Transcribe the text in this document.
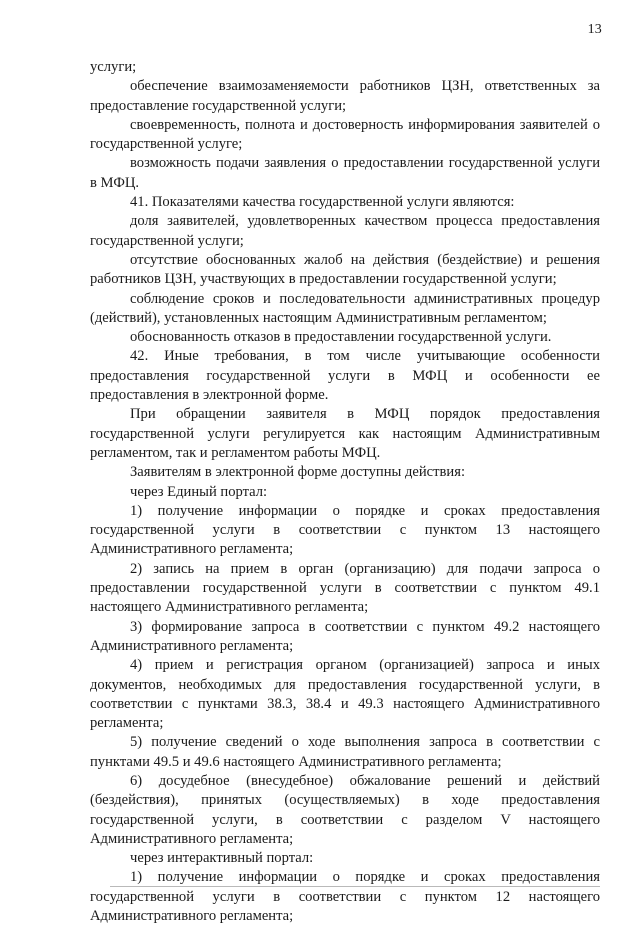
13

услуги;

обеспечение взаимозаменяемости работников ЦЗН, ответственных за предоставление государственной услуги;

своевременность, полнота и достоверность информирования заявителей о государственной услуге;

возможность подачи заявления о предоставлении государственной услуги в МФЦ.

41. Показателями качества государственной услуги являются:

доля заявителей, удовлетворенных качеством процесса предоставления государственной услуги;

отсутствие обоснованных жалоб на действия (бездействие) и решения работников ЦЗН, участвующих в предоставлении государственной услуги;

соблюдение сроков и последовательности административных процедур (действий), установленных настоящим Административным регламентом;

обоснованность отказов в предоставлении государственной услуги.

42. Иные требования, в том числе учитывающие особенности предоставления государственной услуги в МФЦ и особенности ее предоставления в электронной форме.

При обращении заявителя в МФЦ порядок предоставления государственной услуги регулируется как настоящим Административным регламентом, так и регламентом работы МФЦ.

Заявителям в электронной форме доступны действия:

через Единый портал:

1) получение информации о порядке и сроках предоставления государственной услуги в соответствии с пунктом 13 настоящего Административного регламента;

2) запись на прием в орган (организацию) для подачи запроса о предоставлении государственной услуги в соответствии с пунктом 49.1 настоящего Административного регламента;

3) формирование запроса в соответствии с пунктом 49.2 настоящего Административного регламента;

4) прием и регистрация органом (организацией) запроса и иных документов, необходимых для предоставления государственной услуги, в соответствии с пунктами 38.3, 38.4 и 49.3 настоящего Административного регламента;

5) получение сведений о ходе выполнения запроса в соответствии с пунктами 49.5 и 49.6 настоящего Административного регламента;

6) досудебное (внесудебное) обжалование решений и действий (бездействия), принятых (осуществляемых) в ходе предоставления государственной услуги, в соответствии с разделом V настоящего Административного регламента;

через интерактивный портал:

1) получение информации о порядке и сроках предоставления государственной услуги в соответствии с пунктом 12 настоящего Административного регламента;
